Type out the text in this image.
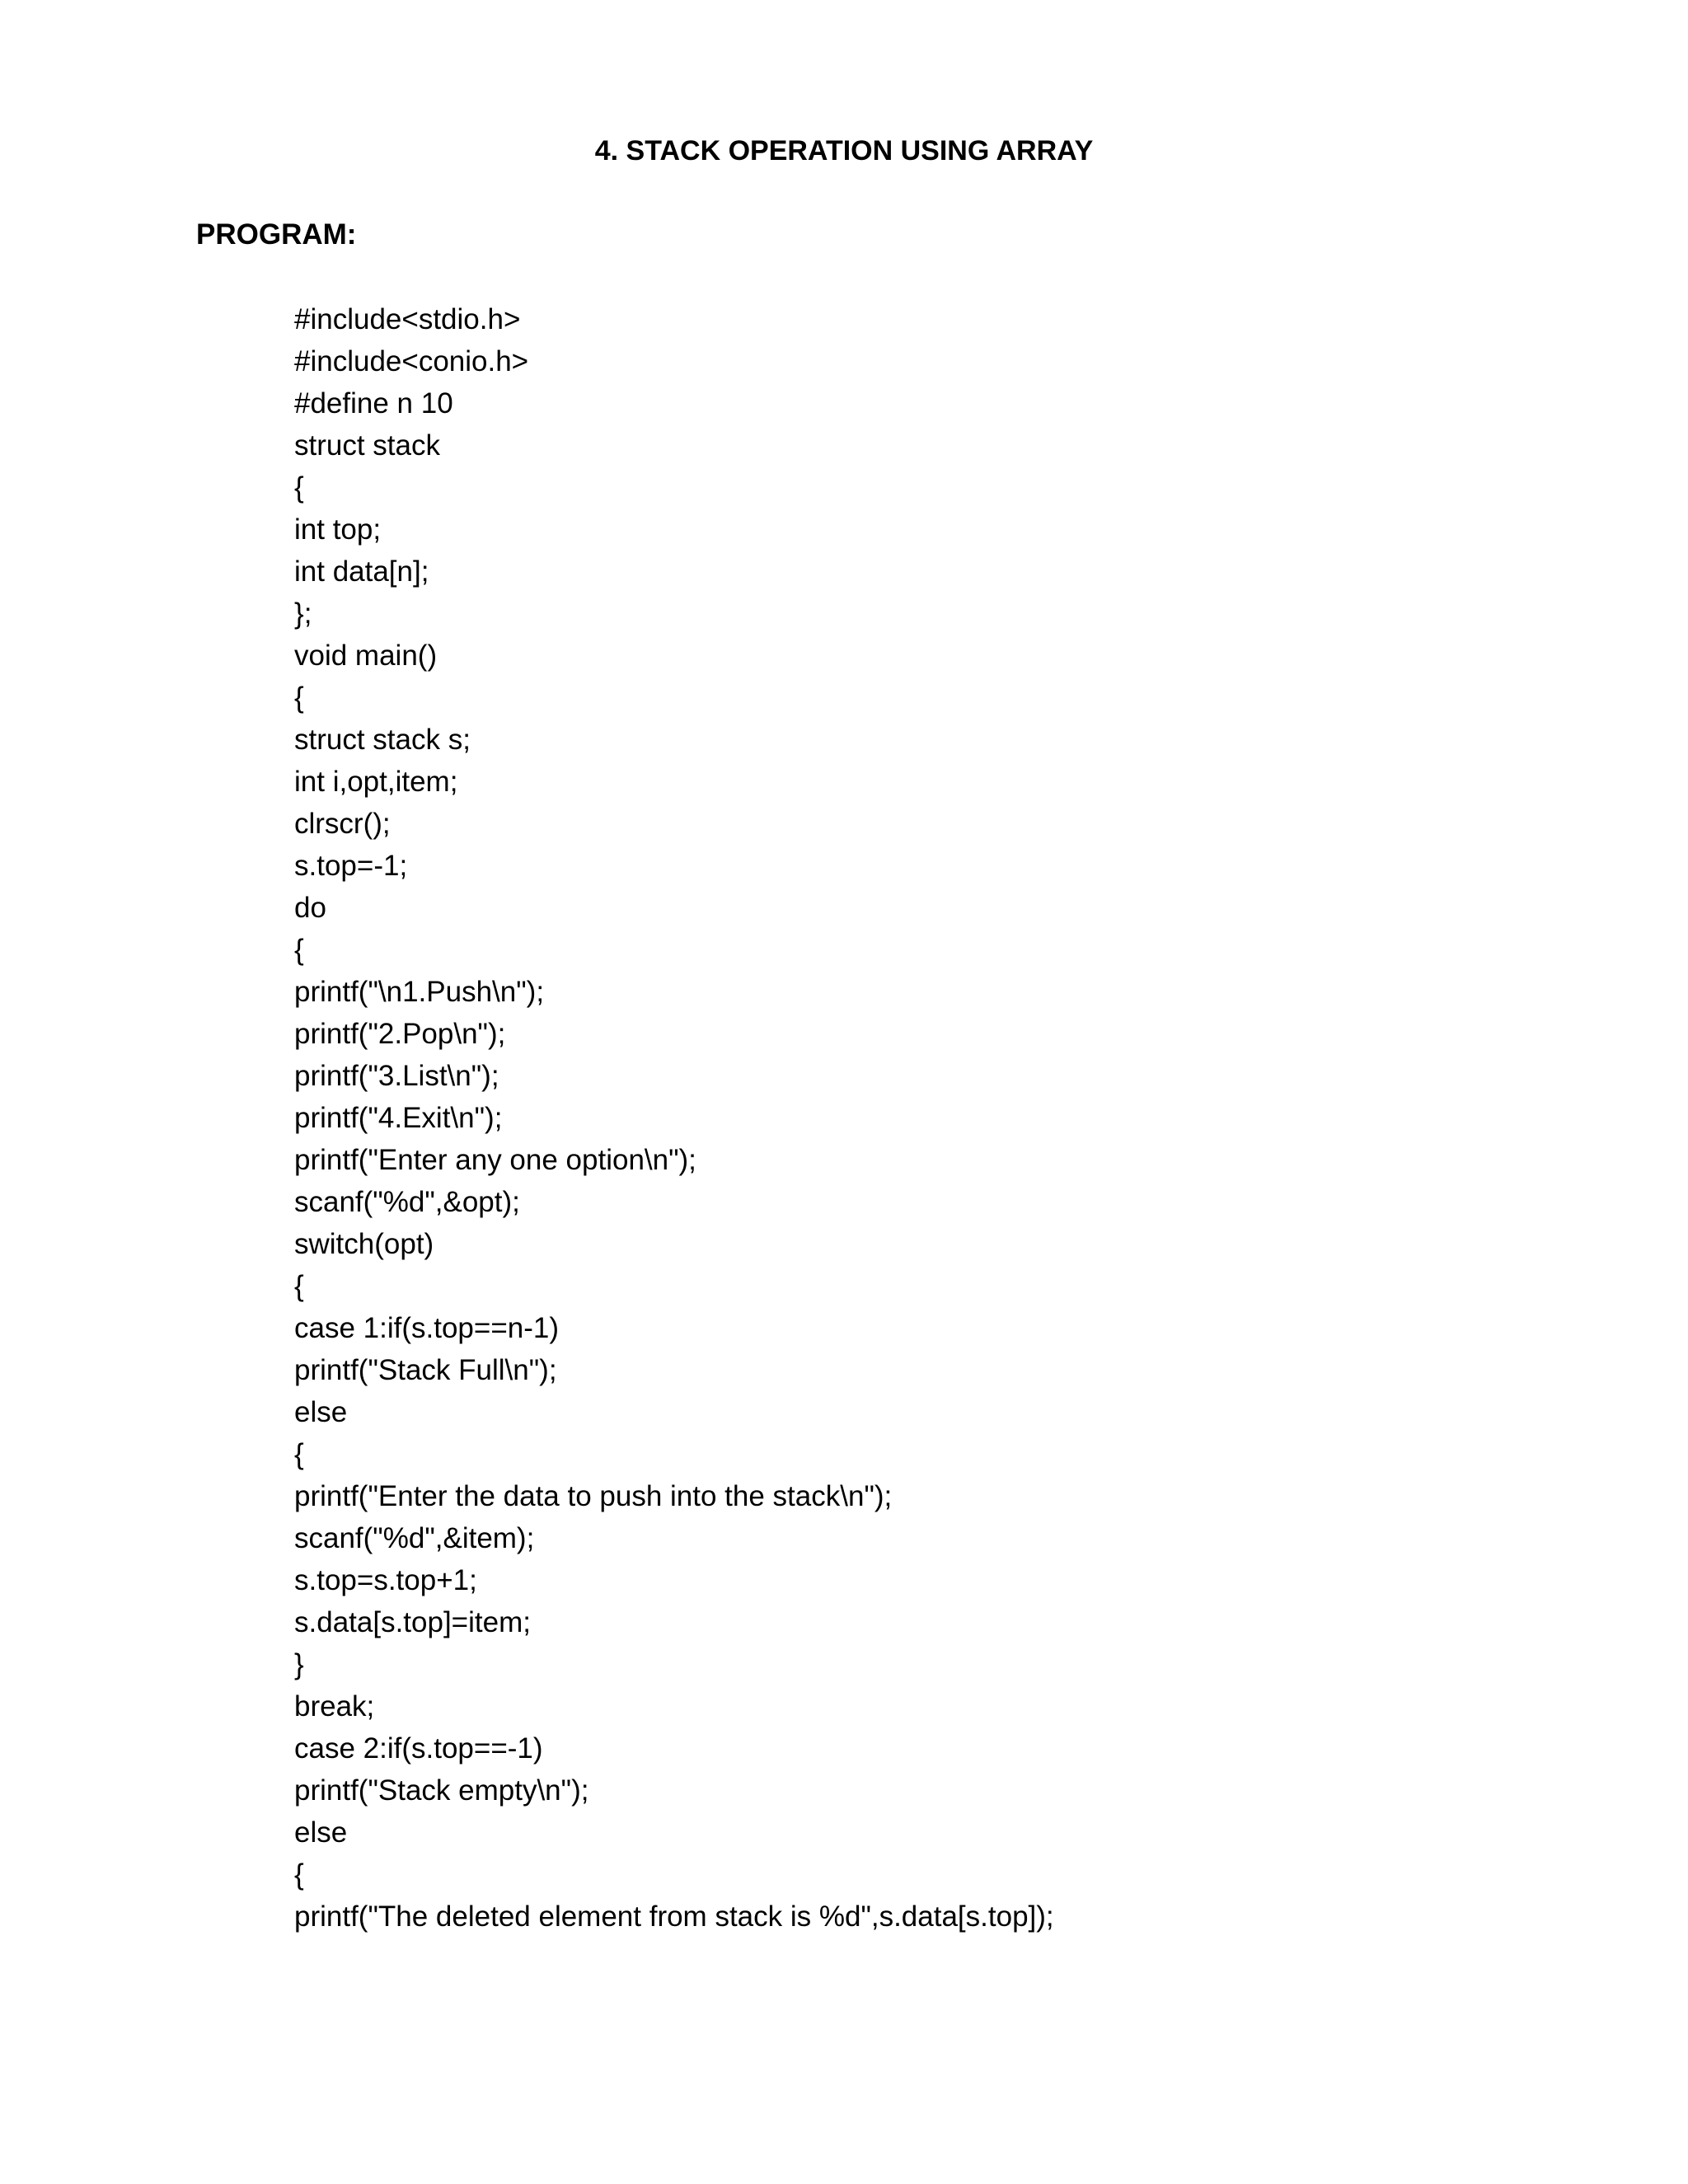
4. STACK OPERATION USING ARRAY
PROGRAM:
#include<stdio.h>
#include<conio.h>
#define n 10
struct stack
{
int top;
int data[n];
};
void main()
{
struct stack s;
int i,opt,item;
clrscr();
s.top=-1;
do
{
printf("\n1.Push\n");
printf("2.Pop\n");
printf("3.List\n");
printf("4.Exit\n");
printf("Enter any one option\n");
scanf("%d",&opt);
switch(opt)
{
case 1:if(s.top==n-1)
printf("Stack Full\n");
else
{
printf("Enter the data to push into the stack\n");
scanf("%d",&item);
s.top=s.top+1;
s.data[s.top]=item;
}
break;
case 2:if(s.top==-1)
printf("Stack empty\n");
else
{
printf("The deleted element from stack is %d",s.data[s.top]);
